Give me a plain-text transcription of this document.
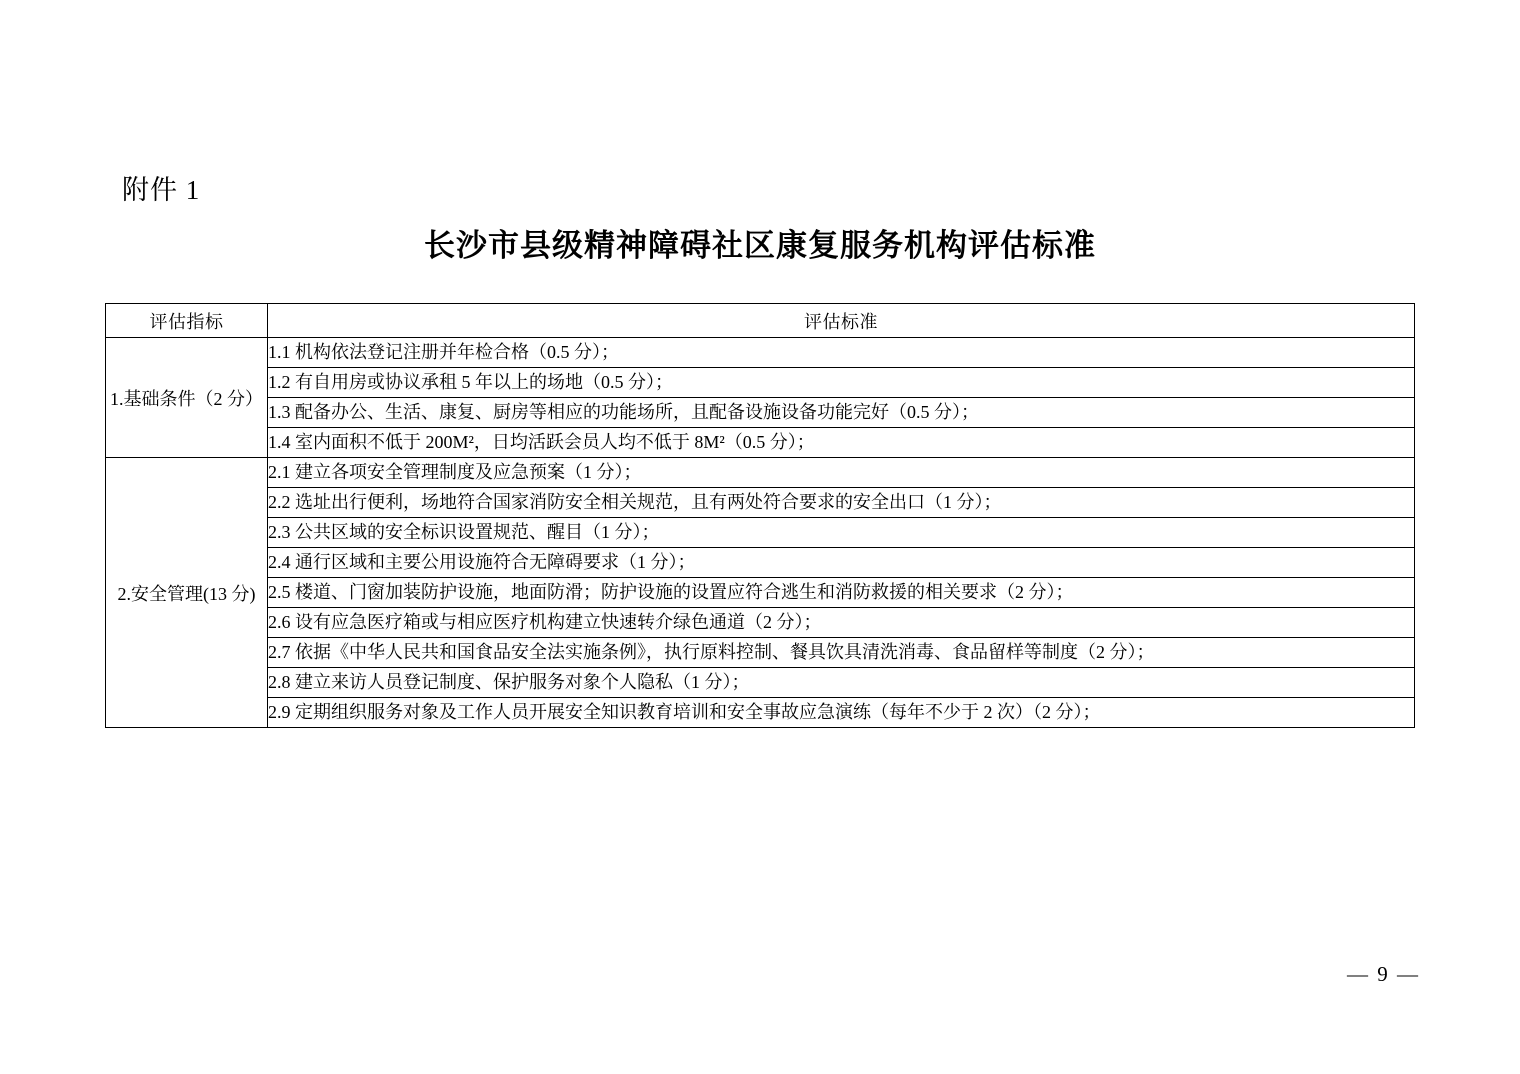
附件 1
长沙市县级精神障碍社区康复服务机构评估标准
评估指标	评估标准
1.基础条件（2 分）	1.1 机构依法登记注册并年检合格（0.5 分）；
	1.2 有自用房或协议承租 5 年以上的场地（0.5 分）；
	1.3 配备办公、生活、康复、厨房等相应的功能场所，且配备设施设备功能完好（0.5 分）；
	1.4 室内面积不低于 200M²，日均活跃会员人均不低于 8M²（0.5 分）；
2.安全管理(13 分)	2.1 建立各项安全管理制度及应急预案（1 分）；
	2.2 选址出行便利，场地符合国家消防安全相关规范，且有两处符合要求的安全出口（1 分）；
	2.3 公共区域的安全标识设置规范、醒目（1 分）；
	2.4 通行区域和主要公用设施符合无障碍要求（1 分）；
	2.5 楼道、门窗加装防护设施，地面防滑；防护设施的设置应符合逃生和消防救援的相关要求（2 分）；
	2.6 设有应急医疗箱或与相应医疗机构建立快速转介绿色通道（2 分）；
	2.7 依据《中华人民共和国食品安全法实施条例》，执行原料控制、餐具饮具清洗消毒、食品留样等制度（2 分）；
	2.8 建立来访人员登记制度、保护服务对象个人隐私（1 分）；
	2.9 定期组织服务对象及工作人员开展安全知识教育培训和安全事故应急演练（每年不少于 2 次）（2 分）；
— 9 —
